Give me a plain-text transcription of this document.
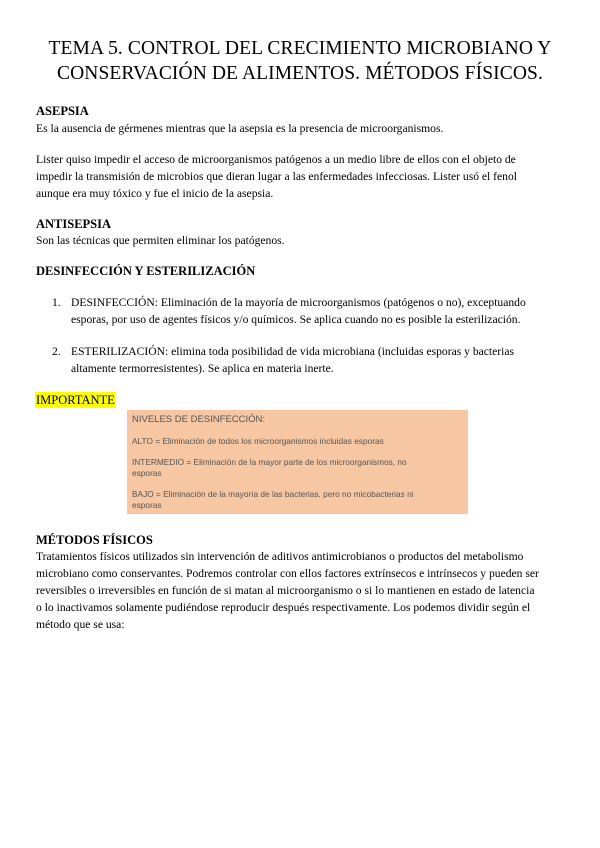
TEMA 5. CONTROL DEL CRECIMIENTO MICROBIANO Y
CONSERVACIÓN DE ALIMENTOS. MÉTODOS FÍSICOS.
ASEPSIA
Es la ausencia de gérmenes mientras que la asepsia es la presencia de microorganismos.
Lister quiso impedir el acceso de microorganismos patógenos a un medio libre de ellos con el objeto de
impedir la transmisión de microbios que dieran lugar a las enfermedades infecciosas. Lister usó el fenol
aunque era muy tóxico y fue el inicio de la asepsia.
ANTISEPSIA
Son las técnicas que permiten eliminar los patógenos.
DESINFECCIÓN Y ESTERILIZACIÓN
1. DESINFECCIÓN: Eliminación de la mayoría de microorganismos (patógenos o no), exceptuando
esporas, por uso de agentes físicos y/o químicos. Se aplica cuando no es posible la esterilización.
2. ESTERILIZACIÓN: elimina toda posibilidad de vida microbiana (incluidas esporas y bacterias
altamente termorresistentes). Se aplica en materia inerte.
IMPORTANTE
NIVELES DE DESINFECCIÓN:
ALTO = Eliminación de todos los microorganismos incluidas esporas
INTERMEDIO = Eliminación de la mayor parte de los microorganismos, no
esporas
BAJO = Eliminación de la mayoría de las bacterias, pero no micobacterias ni
esporas
MÉTODOS FÍSICOS
Tratamientos físicos utilizados sin intervención de aditivos antimicrobianos o productos del metabolismo
microbiano como conservantes. Podremos controlar con ellos factores extrínsecos e intrínsecos y pueden ser
reversibles o irreversibles en función de si matan al microorganismo o si lo mantienen en estado de latencia
o lo inactivamos solamente pudiéndose reproducir después respectivamente. Los podemos dividir según el
método que se usa:
